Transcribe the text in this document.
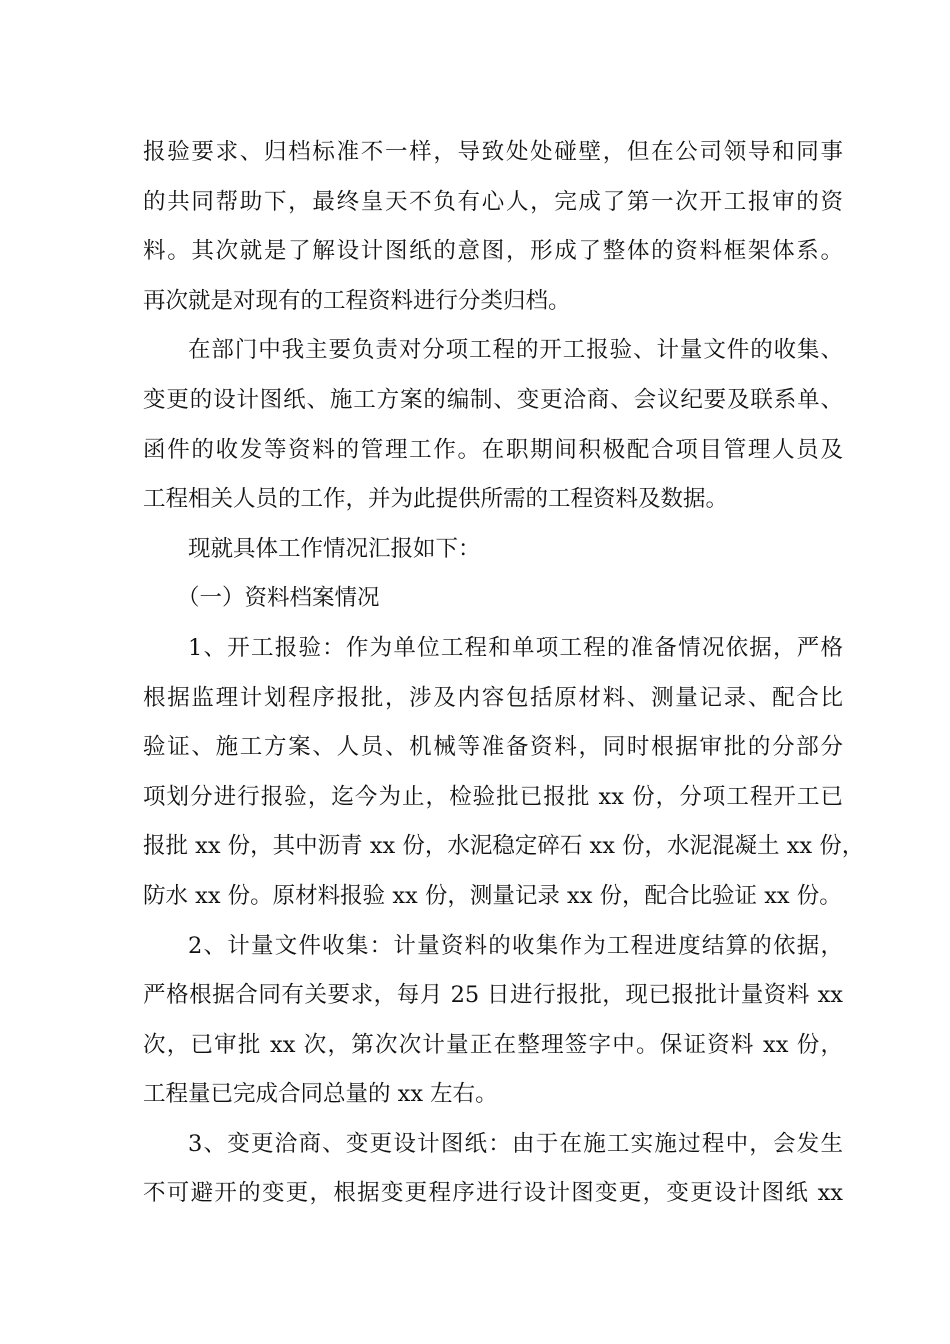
报验要求、归档标准不一样，导致处处碰壁，但在公司领导和同事
的共同帮助下，最终皇天不负有心人，完成了第一次开工报审的资
料。其次就是了解设计图纸的意图，形成了整体的资料框架体系。
再次就是对现有的工程资料进行分类归档。
在部门中我主要负责对分项工程的开工报验、计量文件的收集、
变更的设计图纸、施工方案的编制、变更洽商、会议纪要及联系单、
函件的收发等资料的管理工作。在职期间积极配合项目管理人员及
工程相关人员的工作，并为此提供所需的工程资料及数据。
现就具体工作情况汇报如下：
（一）资料档案情况
1、开工报验：作为单位工程和单项工程的准备情况依据，严格
根据监理计划程序报批，涉及内容包括原材料、测量记录、配合比
验证、施工方案、人员、机械等准备资料，同时根据审批的分部分
项划分进行报验，迄今为止，检验批已报批 xx 份，分项工程开工已
报批 xx 份，其中沥青 xx 份，水泥稳定碎石 xx 份，水泥混凝土 xx 份，
防水 xx 份。原材料报验 xx 份，测量记录 xx 份，配合比验证 xx 份。
2、计量文件收集：计量资料的收集作为工程进度结算的依据，
严格根据合同有关要求，每月 25 日进行报批，现已报批计量资料 xx
次，已审批 xx 次，第次次计量正在整理签字中。保证资料 xx 份，
工程量已完成合同总量的 xx 左右。
3、变更洽商、变更设计图纸：由于在施工实施过程中，会发生
不可避开的变更，根据变更程序进行设计图变更，变更设计图纸 xx
